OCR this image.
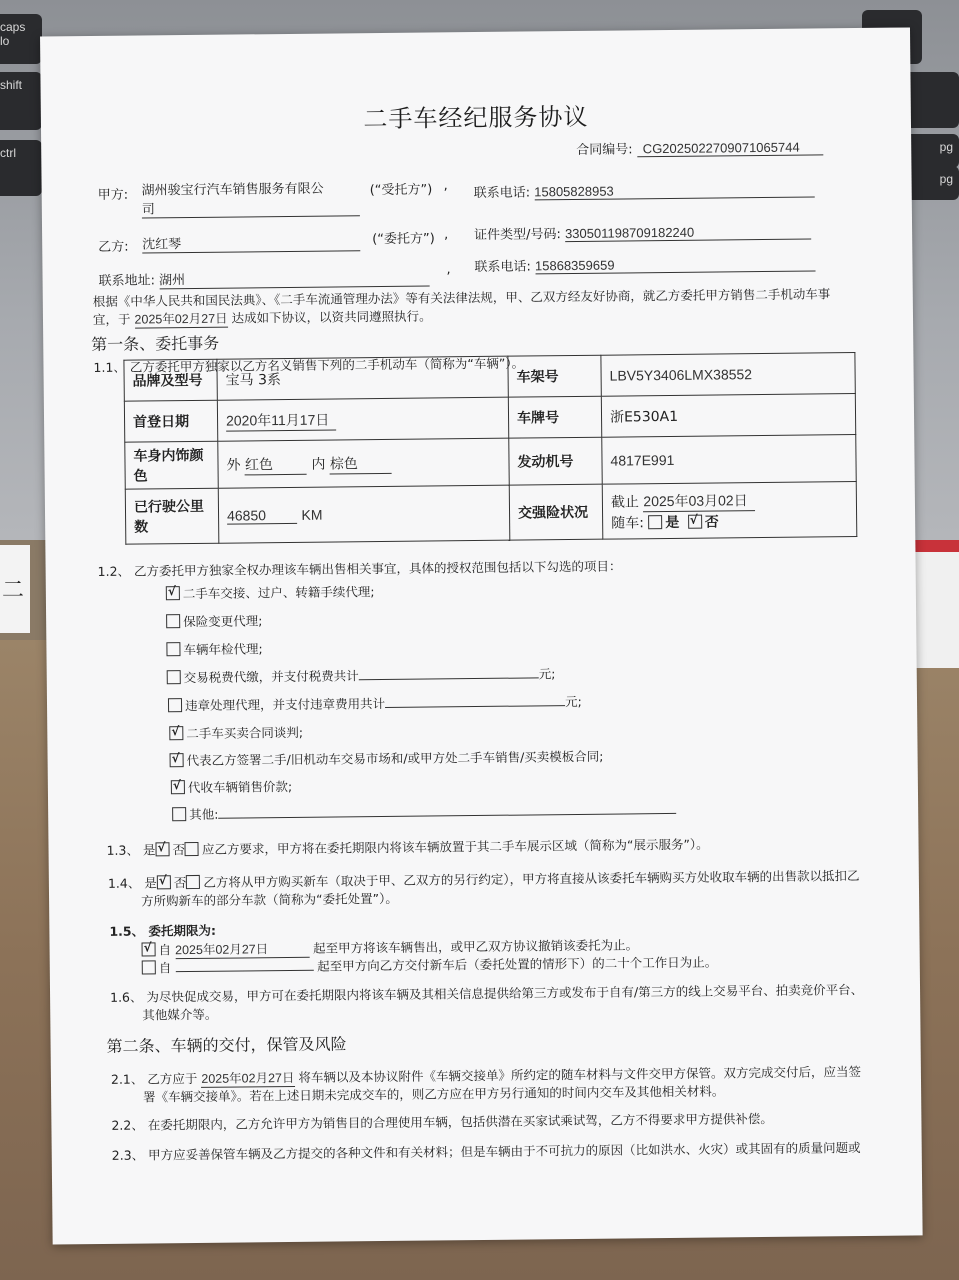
caps lo
shift
ctrl	pg
pg
二
二手车经纪服务协议
合同编号: CG2025022709071065744
甲方: 湖州骏宝行汽车销售服务有限公
司
(“受托方”) , 联系电话: 15805828953
乙方: 沈红琴	(“委托方”) , 证件类型/号码: 330501198709182240
联系地址: 湖州
, 联系电话: 15868359659
根据《中华人民共和国民法典》、《二手车流通管理办法》等有关法律法规，甲、乙双方经友好协商，就乙方委托甲方销售二手机动车事
宜，于 2025年02月27日 达成如下协议，以资共同遵照执行。
第一条、委托事务
1.1、 乙方委托甲方独家以乙方名义销售下列的二手机动车（简称为“车辆”）。
品牌及型号	宝马 3系	车架号	LBV5Y3406LMX38552
首登日期	2020年11月17日	车牌号	浙E530A1
车身内饰颜色	外 红色 内 棕色	发动机号	4817E991
已行驶公里数	46850 KM	交强险状况	截止 2025年03月02日
随车: 是 √ 否
1.2、 乙方委托甲方独家全权办理该车辆出售相关事宜，具体的授权范围包括以下勾选的项目：
√二手车交接、过户、转籍手续代理;
保险变更代理;
车辆年检代理;
交易税费代缴，并支付税费共计	元;
违章处理代理，并支付违章费用共计	元;
√二手车买卖合同谈判;
√代表乙方签署二手/旧机动车交易市场和/或甲方处二手车销售/买卖模板合同;
√代收车辆销售价款;
其他:
1.3、 是 √ 否 应乙方要求，甲方将在委托期限内将该车辆放置于其二手车展示区域（简称为“展示服务”）。
1.4、 是 √ 否 乙方将从甲方购买新车（取决于甲、乙双方的另行约定），甲方将直接从该委托车辆购买方处收取车辆的出售款以抵扣乙
方所购新车的部分车款（简称为“委托处置”）。
1.5、 委托期限为:
√自 2025年02月27日	起至甲方将该车辆售出，或甲乙双方协议撤销该委托为止。
自	起至甲方向乙方交付新车后（委托处置的情形下）的二十个工作日为止。
1.6、 为尽快促成交易，甲方可在委托期限内将该车辆及其相关信息提供给第三方或发布于自有/第三方的线上交易平台、拍卖竞价平台、
其他媒介等。
第二条、车辆的交付，保管及风险
2.1、 乙方应于 2025年02月27日 将车辆以及本协议附件《车辆交接单》所约定的随车材料与文件交甲方保管。双方完成交付后，应当签
署《车辆交接单》。若在上述日期未完成交车的，则乙方应在甲方另行通知的时间内交车及其他相关材料。
2.2、 在委托期限内，乙方允许甲方为销售目的合理使用车辆，包括供潜在买家试乘试驾，乙方不得要求甲方提供补偿。
2.3、 甲方应妥善保管车辆及乙方提交的各种文件和有关材料；但是车辆由于不可抗力的原因（比如洪水、火灾）或其固有的质量问题或
